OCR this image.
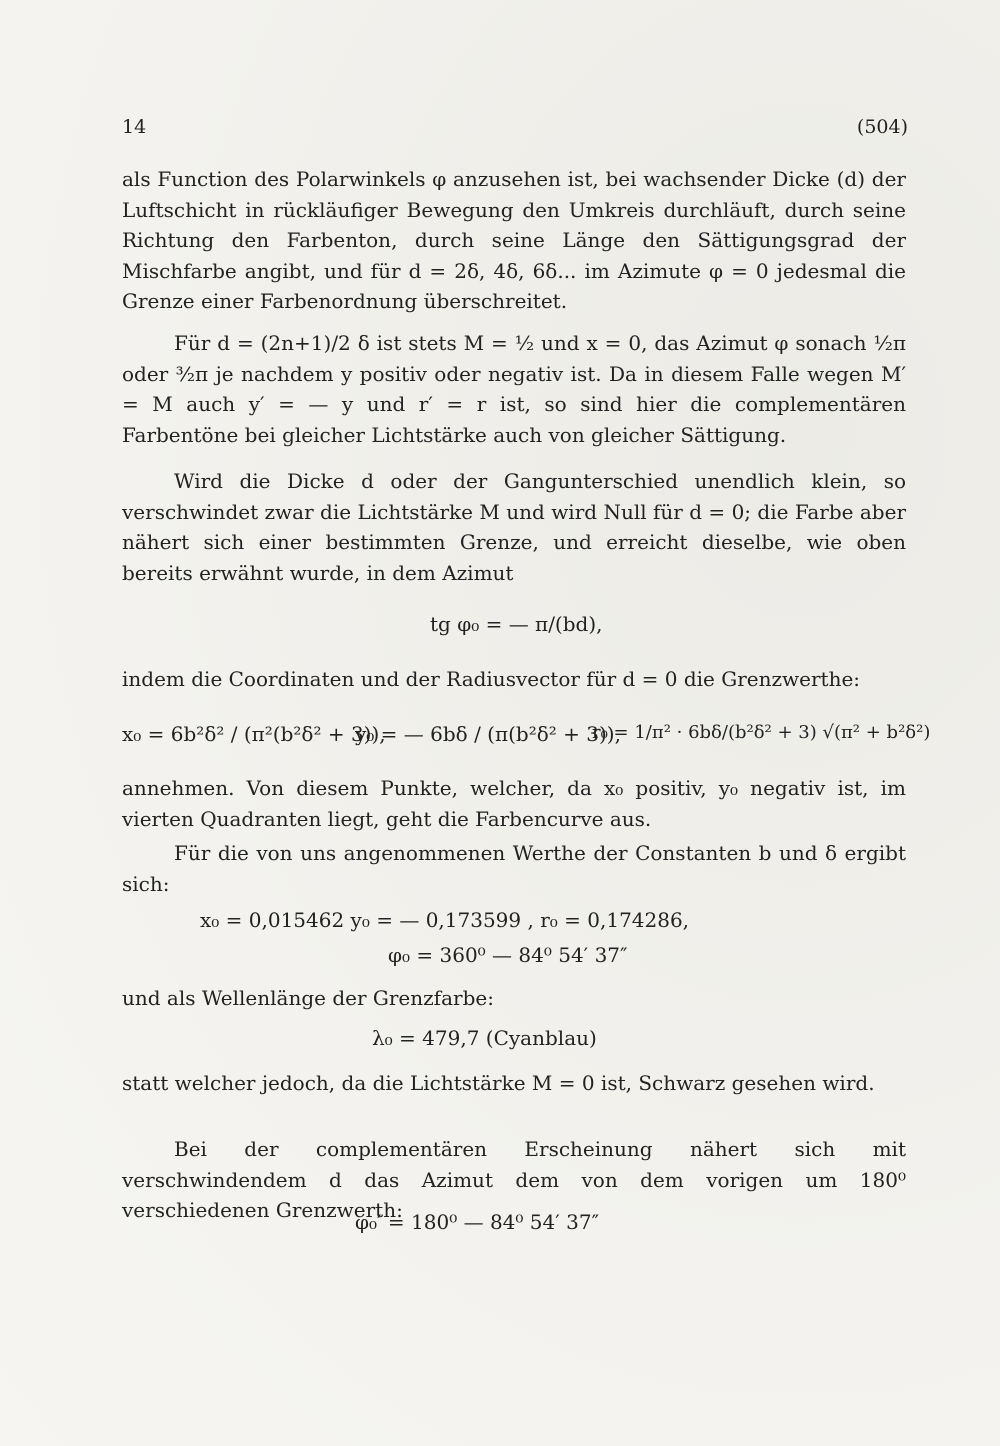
14	(504)

als Function des Polarwinkels φ anzusehen ist, bei wachsender Dicke (d) der Luftschicht in rückläufiger Bewegung den Umkreis durchläuft, durch seine Richtung den Farbenton, durch seine Länge den Sättigungsgrad der Mischfarbe angibt, und für d = 2δ, 4δ, 6δ... im Azimute φ = 0 jedesmal die Grenze einer Farbenordnung überschreitet.

Für d = (2n+1)/2 δ ist stets M = ½ und x = 0, das Azimut φ sonach ½π oder ³⁄₂π je nachdem y positiv oder negativ ist. Da in diesem Falle wegen M′ = M auch y′ = — y und r′ = r ist, so sind hier die complementären Farbentöne bei gleicher Lichtstärke auch von gleicher Sättigung.

Wird die Dicke d oder der Gangunterschied unendlich klein, so verschwindet zwar die Lichtstärke M und wird Null für d = 0; die Farbe aber nähert sich einer bestimmten Grenze, und erreicht dieselbe, wie oben bereits erwähnt wurde, in dem Azimut

tg φ₀ = — π/(bd),

indem die Coordinaten und der Radiusvector für d = 0 die Grenzwerthe:

x₀ = 6b²δ² / (π²(b²δ² + 3)),
y₀ = — 6bδ / (π(b²δ² + 3)),
r₀ = 1/π² · 6bδ/(b²δ² + 3) √(π² + b²δ²)

annehmen. Von diesem Punkte, welcher, da x₀ positiv, y₀ negativ ist, im vierten Quadranten liegt, geht die Farbencurve aus.

Für die von uns angenommenen Werthe der Constanten b und δ ergibt sich:

x₀ = 0,015462 y₀ = — 0,173599 , r₀ = 0,174286,
φ₀ = 360⁰ — 84⁰ 54′ 37″

und als Wellenlänge der Grenzfarbe:

λ₀ = 479,7 (Cyanblau)

statt welcher jedoch, da die Lichtstärke M = 0 ist, Schwarz gesehen wird.

Bei der complementären Erscheinung nähert sich mit verschwindendem d das Azimut dem von dem vorigen um 180⁰ verschiedenen Grenzwerth:

φ₀′ = 180⁰ — 84⁰ 54′ 37″
